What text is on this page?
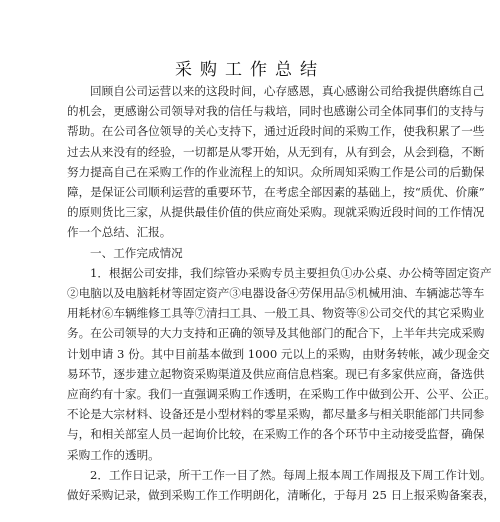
采购工作总结
回顾自公司运营以来的这段时间，心存感恩，真心感谢公司给我提供磨练自己
的机会，更感谢公司领导对我的信任与栽培，同时也感谢公司全体同事们的支持与
帮助。在公司各位领导的关心支持下，通过近段时间的采购工作，使我积累了一些
过去从来没有的经验，一切都是从零开始，从无到有，从有到会，从会到稳，不断
努力提高自己在采购工作的作业流程上的知识。众所周知采购工作是公司的后勤保
障，是保证公司顺利运营的重要环节，在考虑全部因素的基础上，按“质优、价廉”
的原则货比三家，从提供最佳价值的供应商处采购。现就采购近段时间的工作情况
作一个总结、汇报。
一、工作完成情况
1．根据公司安排，我们综管办采购专员主要担负①办公桌、办公椅等固定资产
②电脑以及电脑耗材等固定资产③电器设备④劳保用品⑤机械用油、车辆滤芯等车
用耗材⑥车辆维修工具等⑦清扫工具、一般工具、物资等⑧公司交代的其它采购业
务。在公司领导的大力支持和正确的领导及其他部门的配合下，上半年共完成采购
计划申请 3 份。其中目前基本做到 1000 元以上的采购，由财务转帐，减少现金交
易环节，逐步建立起物资采购渠道及供应商信息档案。现已有多家供应商，备选供
应商约有十家。我们一直强调采购工作透明，在采购工作中做到公开、公平、公正。
不论是大宗材料、设备还是小型材料的零星采购，都尽量多与相关职能部门共同参
与，和相关部室人员一起询价比较，在采购工作的各个环节中主动接受监督，确保
采购工作的透明。
2．工作日记录，所干工作一目了然。每周上报本周工作周报及下周工作计划。
做好采购记录，做到采购工作工作明朗化，清晰化，于每月 25 日上报采购备案表，
